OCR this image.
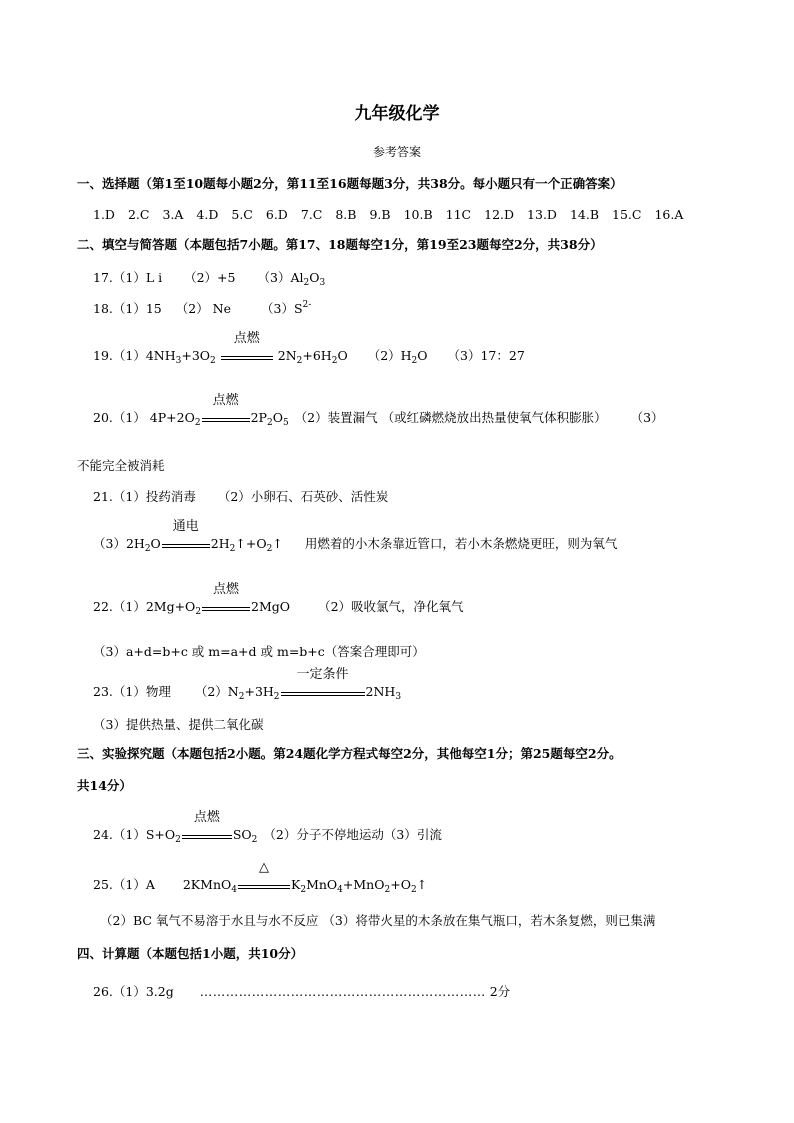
九年级化学
参考答案
一、选择题（第1至10题每小题2分，第11至16题每题3分，共38分。每小题只有一个正确答案）
1.D 2.C 3.A 4.D 5.C 6.D 7.C 8.B 9.B 10.B 11C 12.D 13.D 14.B 15.C 16.A
二、填空与简答题（本题包括7小题。第17、18题每空1分，第19至23题每空2分，共38分）
17.（1）L i （2）+5 $(3)Al_2O_3$
18.（1）15 （2） Ne $(3)S^{2-}$
$19.(1)4NH_3+3O_2$
点燃
$2N_2+6H_2O$ $(2)H_2O$ （3）17：27
20.（1） $4P+2O_2$
点燃
$2P_2O_5$ （2）装置漏气 （或红磷燃烧放出热量使氧气体积膨胀） （3）
不能完全被消耗
21.（1）投药消毒 （2）小卵石、石英砂、活性炭
$(3)2H_2O$
通电
$2H_2↑+O_2↑$ 用燃着的小木条靠近管口，若小木条燃烧更旺，则为氧气
$22.(1)2Mg+O_2$
点燃
2MgO （2）吸收氯气，净化氧气
（3）a+d=b+c 或 m=a+d 或 m=b+c（答案合理即可）
23.（1）物理 $(2)N_2+3H_2$
一定条件
$2NH_3$
（3）提供热量、提供二氧化碳
三、实验探究题（本题包括2小题。第24题化学方程式每空2分，其他每空1分；第25题每空2分。
共14分）
$24.(1)S+O_2$
点燃
$SO_2$ （2）分子不停地运动（3）引流
25.（1）A 2KMnO$_4$
△
$K_2MnO_4+MnO_2+O_2↑$
（2）BC 氧气不易溶于水且与水不反应 （3）将带火星的木条放在集气瓶口，若木条复燃，则已集满
四、计算题（本题包括1小题，共10分）
26.（1）3.2g ………………………………………………………… 2分
